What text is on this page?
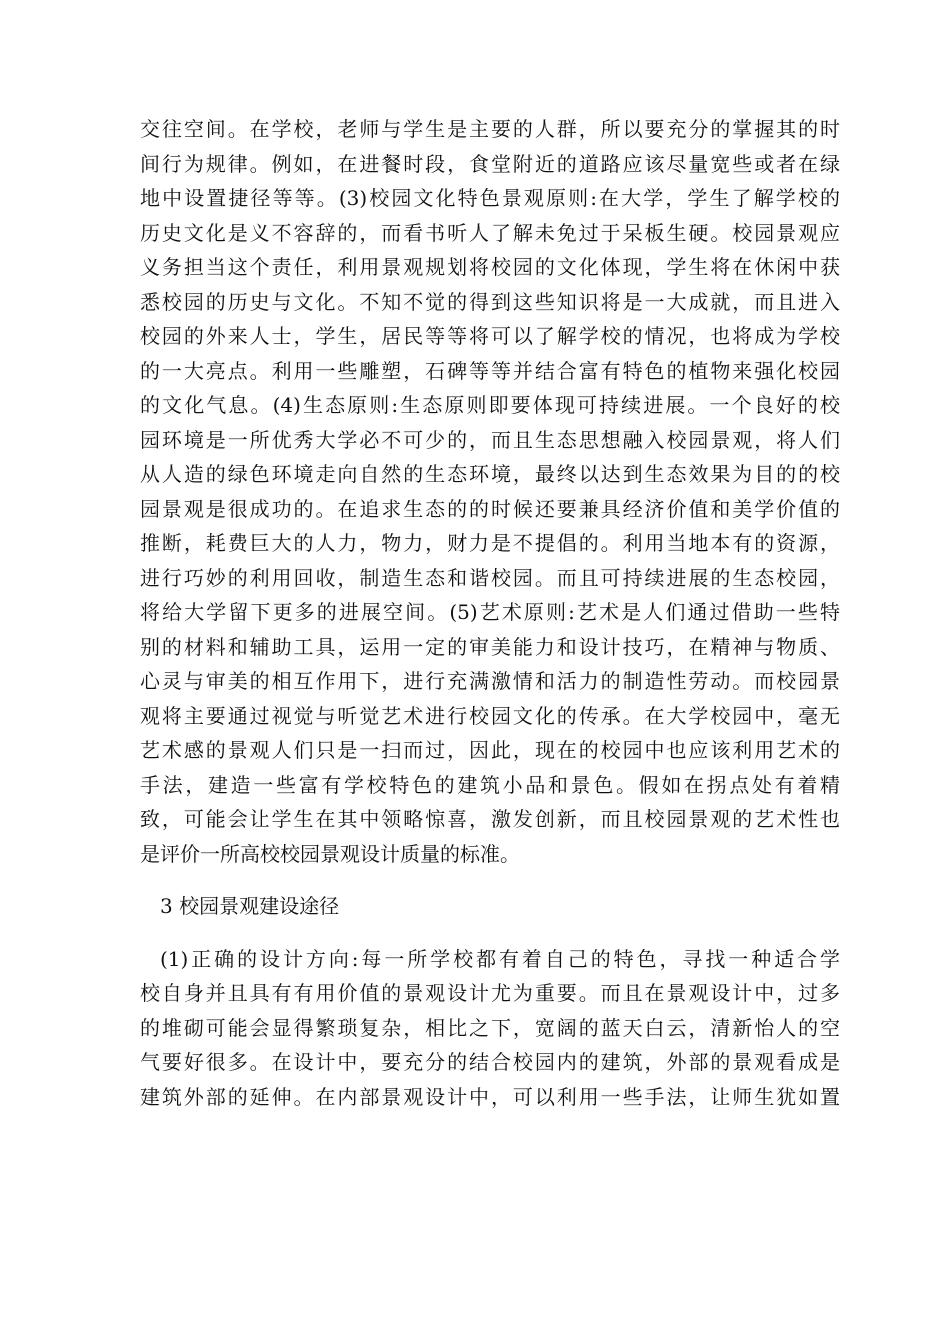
交往空间。在学校，老师与学生是主要的人群，所以要充分的掌握其的时
间行为规律。例如，在进餐时段，食堂附近的道路应该尽量宽些或者在绿
地中设置捷径等等。(3)校园文化特色景观原则:在大学，学生了解学校的
历史文化是义不容辞的，而看书听人了解未免过于呆板生硬。校园景观应
义务担当这个责任，利用景观规划将校园的文化体现，学生将在休闲中获
悉校园的历史与文化。不知不觉的得到这些知识将是一大成就，而且进入
校园的外来人士，学生，居民等等将可以了解学校的情况，也将成为学校
的一大亮点。利用一些雕塑，石碑等等并结合富有特色的植物来强化校园
的文化气息。(4)生态原则:生态原则即要体现可持续进展。一个良好的校
园环境是一所优秀大学必不可少的，而且生态思想融入校园景观，将人们
从人造的绿色环境走向自然的生态环境，最终以达到生态效果为目的的校
园景观是很成功的。在追求生态的的时候还要兼具经济价值和美学价值的
推断，耗费巨大的人力，物力，财力是不提倡的。利用当地本有的资源，
进行巧妙的利用回收，制造生态和谐校园。而且可持续进展的生态校园，
将给大学留下更多的进展空间。(5)艺术原则:艺术是人们通过借助一些特
别的材料和辅助工具，运用一定的审美能力和设计技巧，在精神与物质、
心灵与审美的相互作用下，进行充满激情和活力的制造性劳动。而校园景
观将主要通过视觉与听觉艺术进行校园文化的传承。在大学校园中，毫无
艺术感的景观人们只是一扫而过，因此，现在的校园中也应该利用艺术的
手法，建造一些富有学校特色的建筑小品和景色。假如在拐点处有着精
致，可能会让学生在其中领略惊喜，激发创新，而且校园景观的艺术性也
是评价一所高校校园景观设计质量的标准。
3 校园景观建设途径
(1)正确的设计方向:每一所学校都有着自己的特色，寻找一种适合学
校自身并且具有有用价值的景观设计尤为重要。而且在景观设计中，过多
的堆砌可能会显得繁琐复杂，相比之下，宽阔的蓝天白云，清新怡人的空
气要好很多。在设计中，要充分的结合校园内的建筑，外部的景观看成是
建筑外部的延伸。在内部景观设计中，可以利用一些手法，让师生犹如置
